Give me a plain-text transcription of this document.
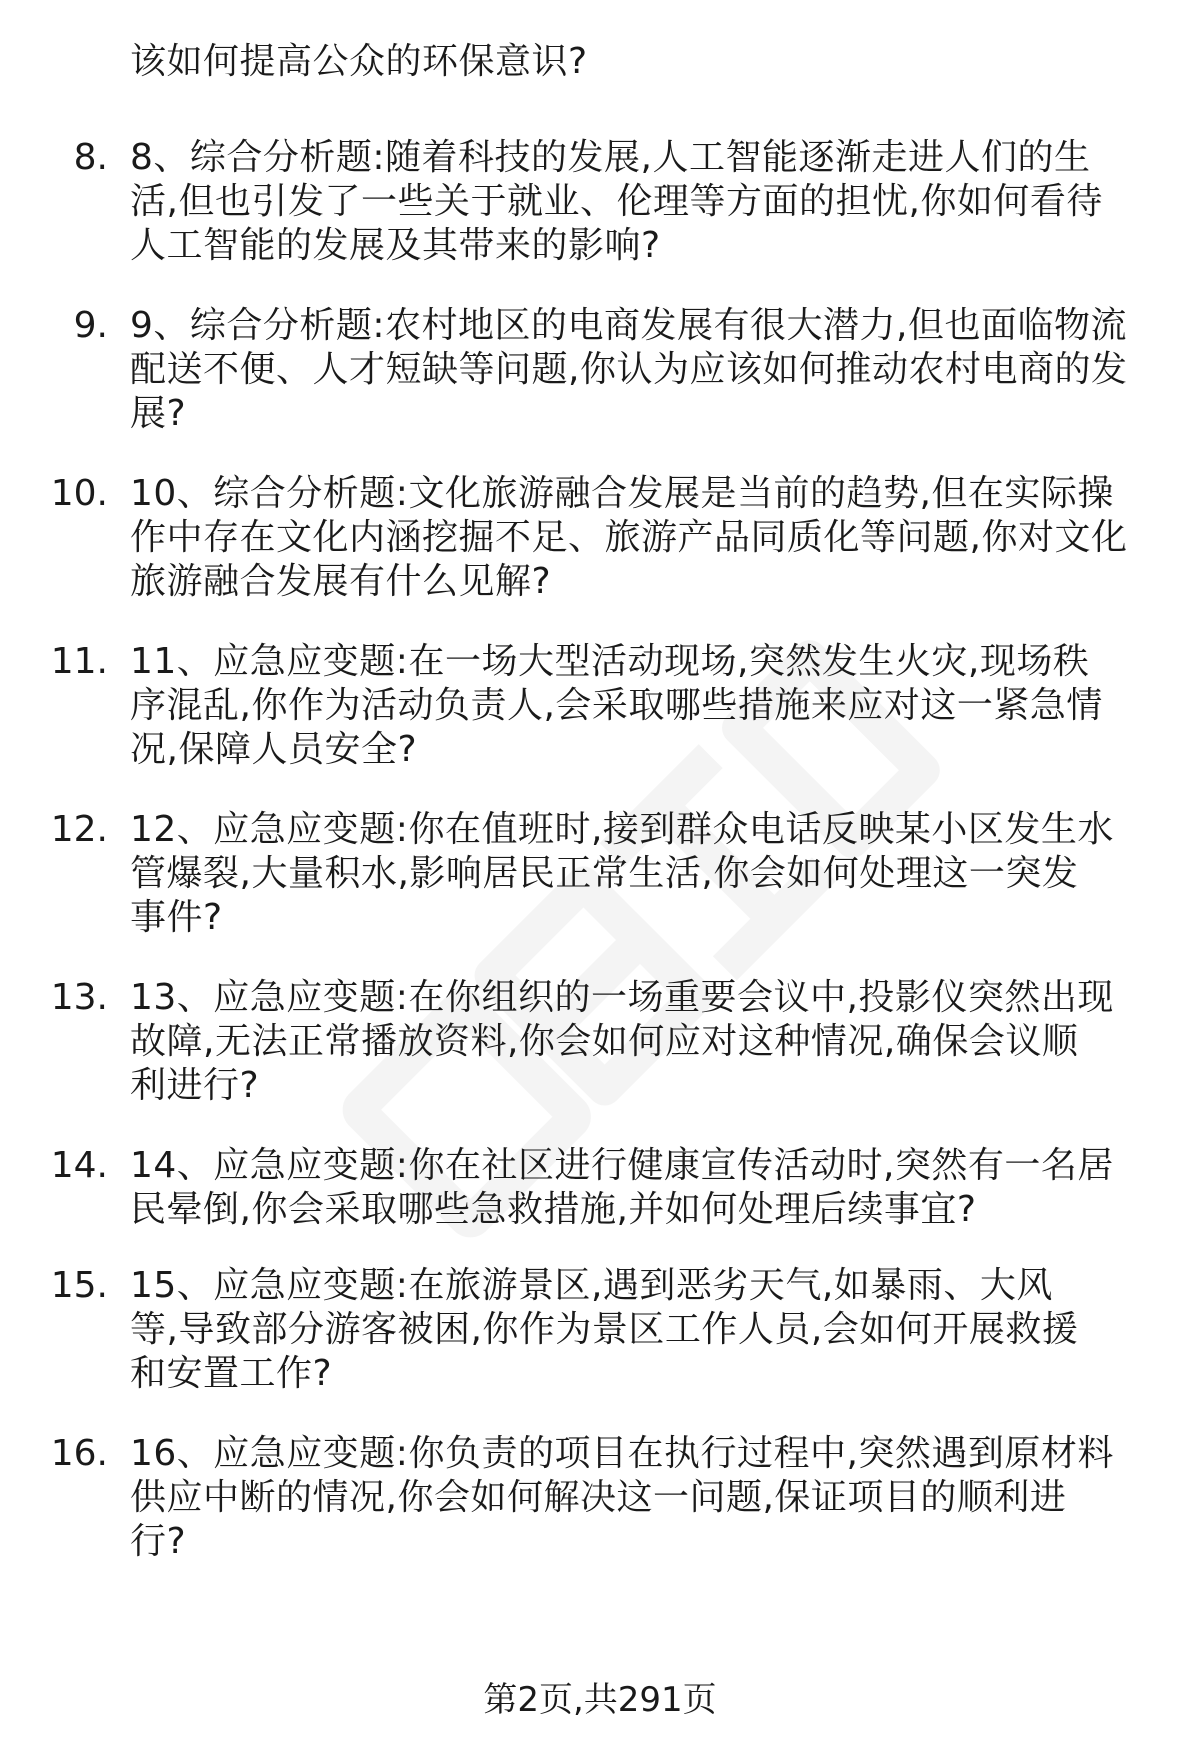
该如何提高公众的环保意识?
8. 8、综合分析题:随着科技的发展,人工智能逐渐走进人们的生
活,但也引发了一些关于就业、伦理等方面的担忧,你如何看待
人工智能的发展及其带来的影响?
9. 9、综合分析题:农村地区的电商发展有很大潜力,但也面临物流
配送不便、人才短缺等问题,你认为应该如何推动农村电商的发
展?
10. 10、综合分析题:文化旅游融合发展是当前的趋势,但在实际操
作中存在文化内涵挖掘不足、旅游产品同质化等问题,你对文化
旅游融合发展有什么见解?
11. 11、应急应变题:在一场大型活动现场,突然发生火灾,现场秩
序混乱,你作为活动负责人,会采取哪些措施来应对这一紧急情
况,保障人员安全?
12. 12、应急应变题:你在值班时,接到群众电话反映某小区发生水
管爆裂,大量积水,影响居民正常生活,你会如何处理这一突发
事件?
13. 13、应急应变题:在你组织的一场重要会议中,投影仪突然出现
故障,无法正常播放资料,你会如何应对这种情况,确保会议顺
利进行?
14. 14、应急应变题:你在社区进行健康宣传活动时,突然有一名居
民晕倒,你会采取哪些急救措施,并如何处理后续事宜?
15. 15、应急应变题:在旅游景区,遇到恶劣天气,如暴雨、大风
等,导致部分游客被困,你作为景区工作人员,会如何开展救援
和安置工作?
16. 16、应急应变题:你负责的项目在执行过程中,突然遇到原材料
供应中断的情况,你会如何解决这一问题,保证项目的顺利进
行?
第2页,共291页
